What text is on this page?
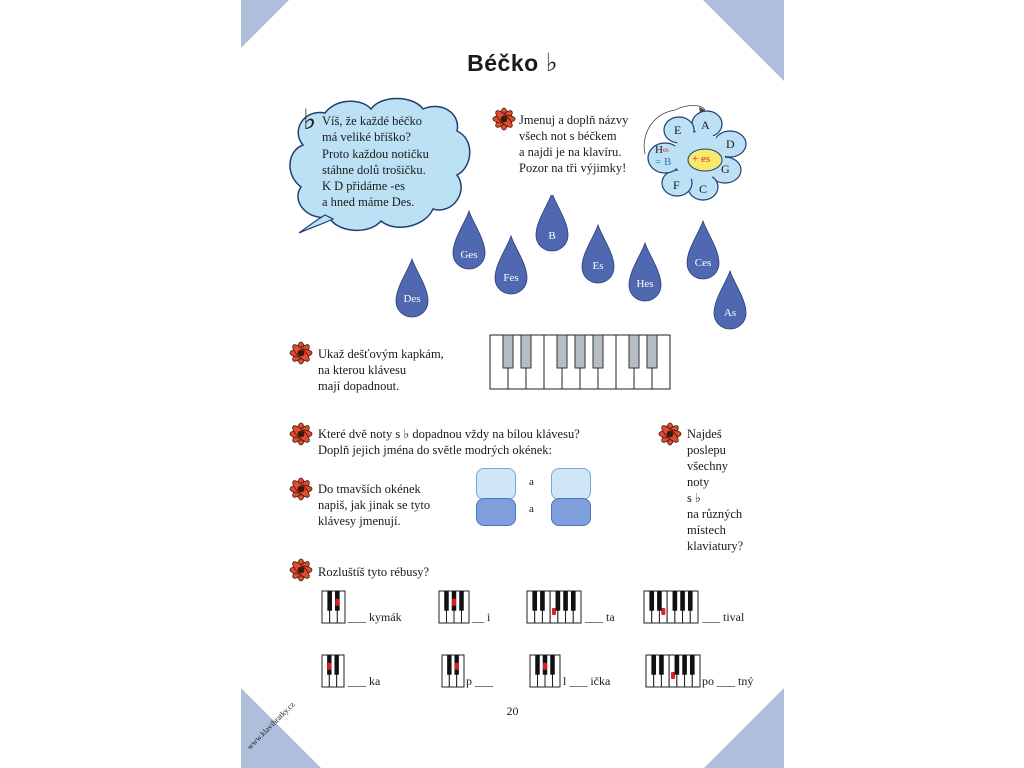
Béčko ♭
♭ Víš, že každé béčko
má veliké bříško?
Proto každou notičku
stáhne dolů trošičku.
K D přidáme -es
a hned máme Des.
Jmenuj a doplň názvy
všech not s béčkem
a najdi je na klavíru.
Pozor na tři výjimky!
A
D
G
C
F
E
$H^{es}$
= B + es
Des
Ges
Fes
B
Es
Hes
Ces
As
Ukaž dešťovým kapkám,
na kterou klávesu
mají dopadnout.
Které dvě noty s ♭ dopadnou vždy na bílou klávesu?
Doplň jejich jména do světle modrých okének:
Najdeš
poslepu
všechny
noty
s ♭
na různých
místech
klaviatury?
Do tmavších okének
napiš, jak jinak se tyto
klávesy jmenují.
a
a
Rozluštíš tyto rébusy?
___ kymák	__ i	___ ta	___ tival
___ ka	p ___	l ___ ička	po ___ tný
20
www.klavihratky.cz
